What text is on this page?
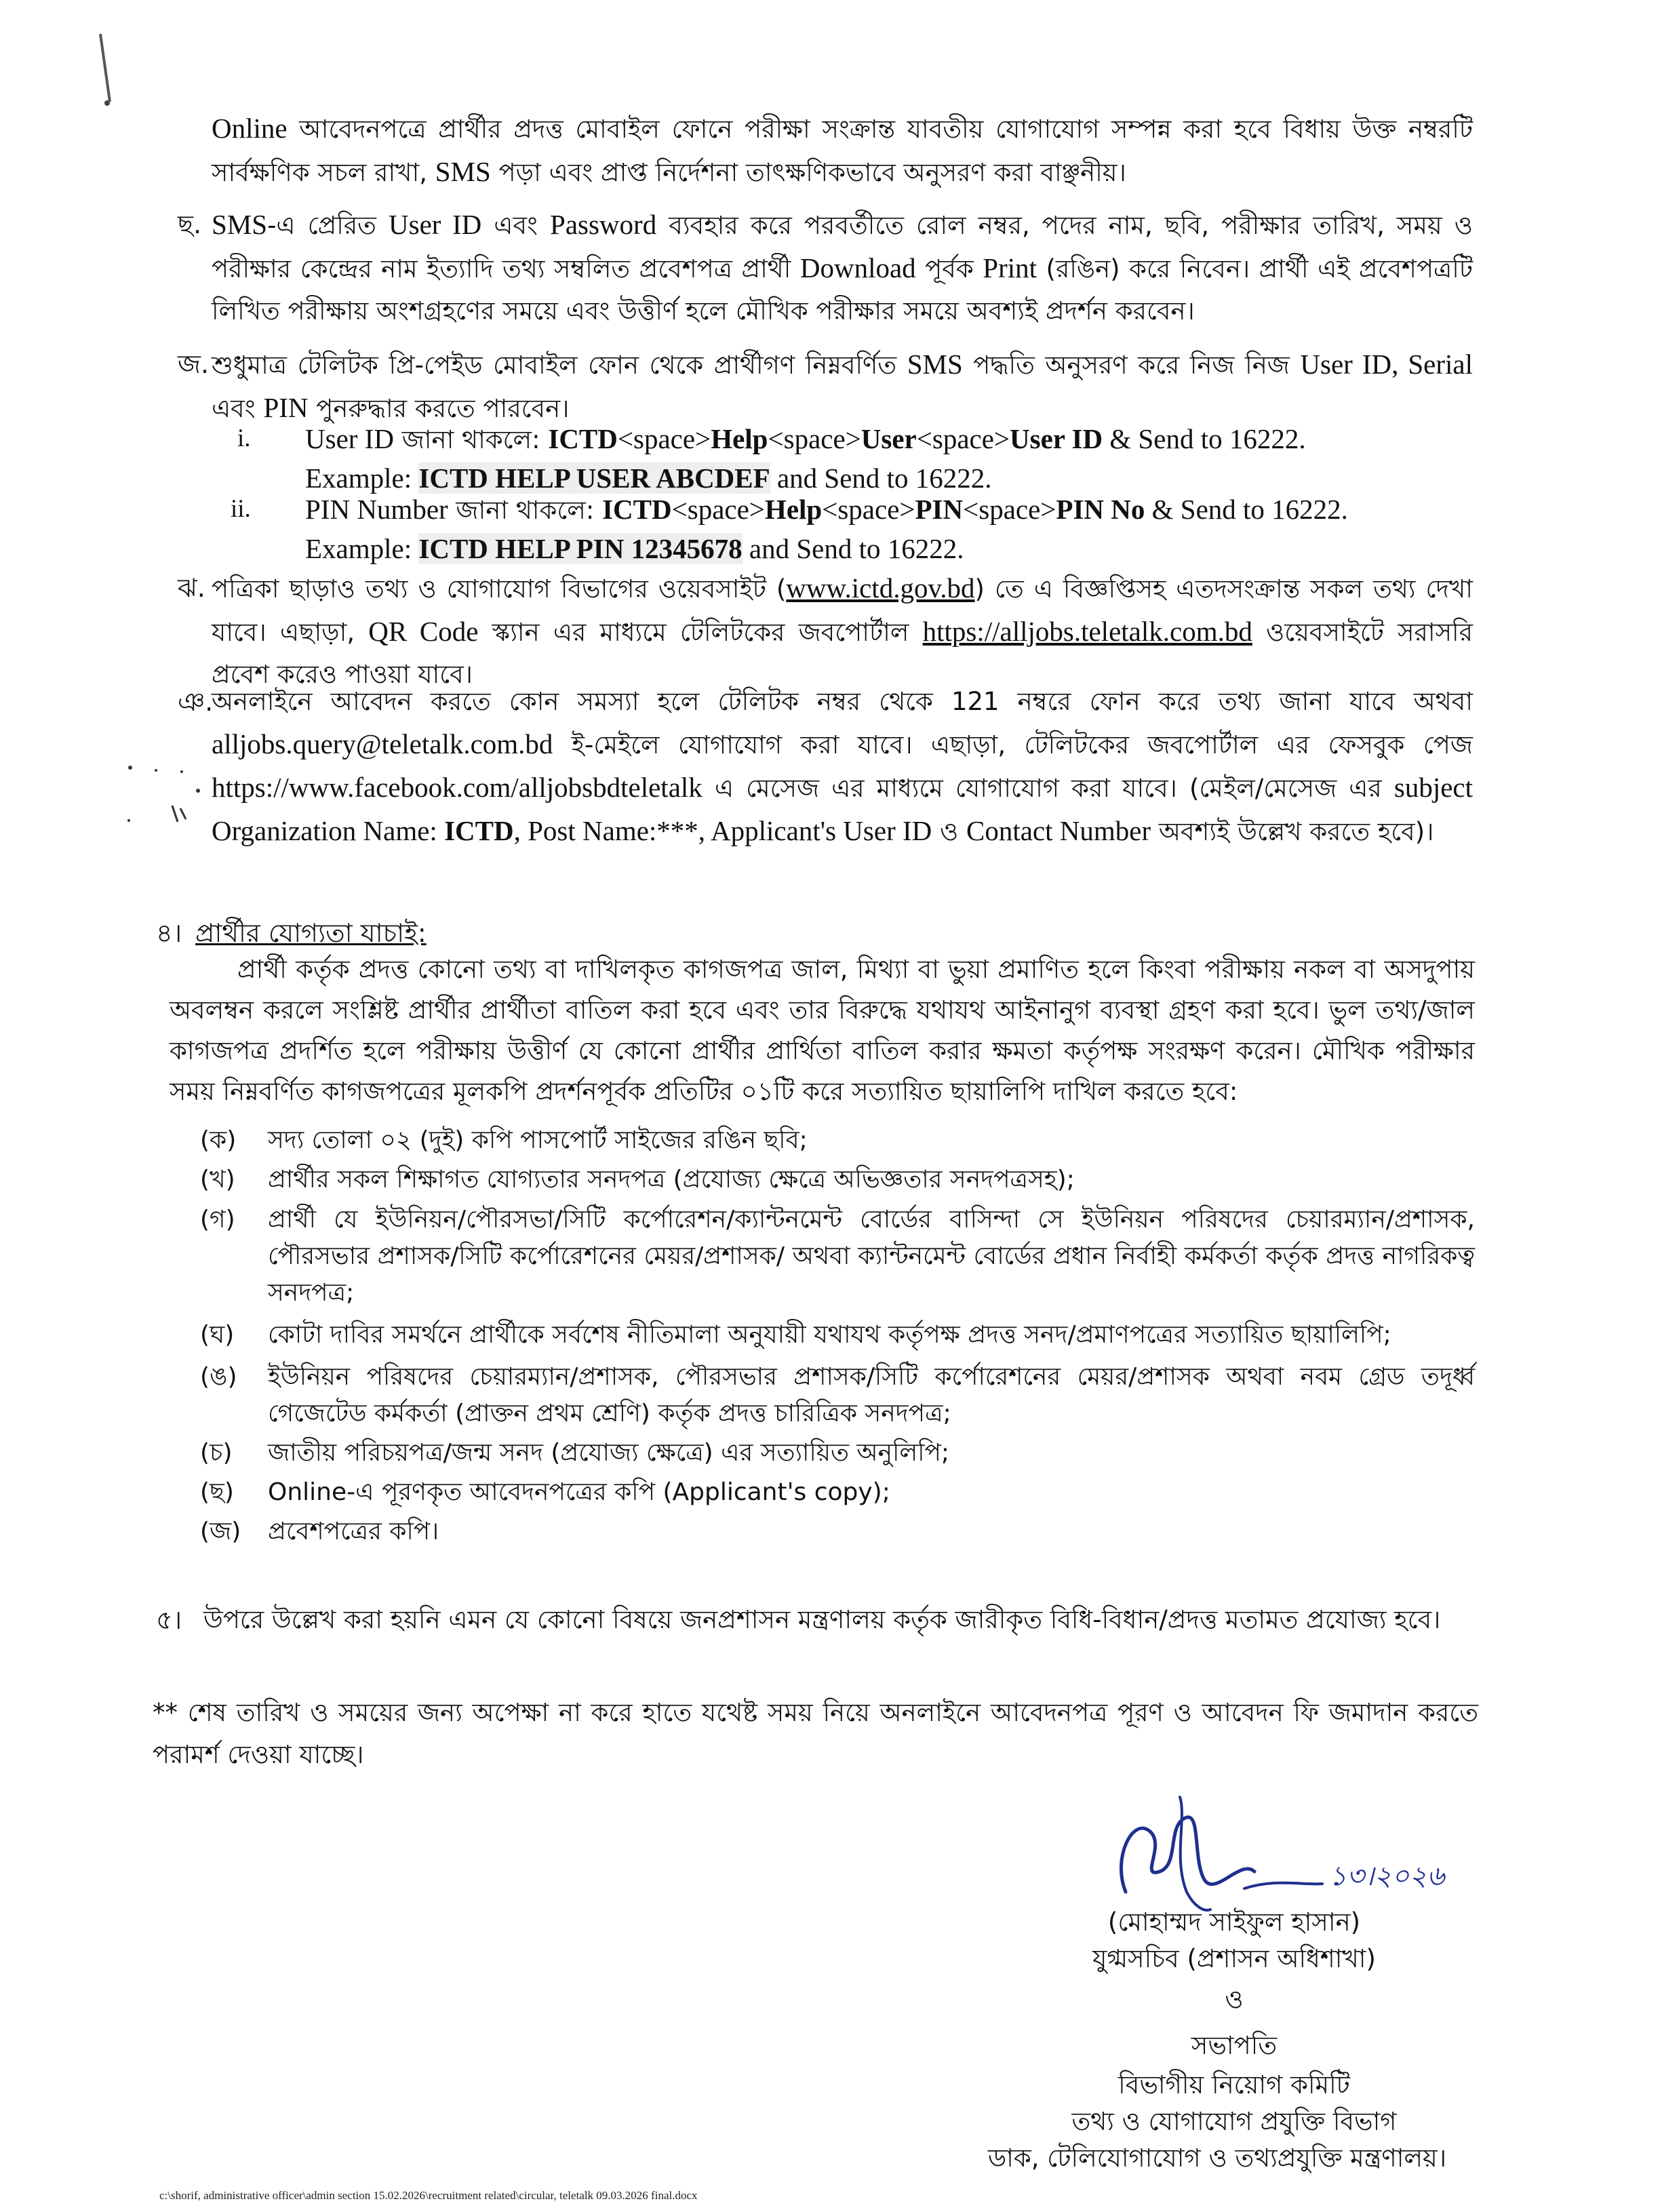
Online আবেদনপত্রে প্রার্থীর প্রদত্ত মোবাইল ফোনে পরীক্ষা সংক্রান্ত যাবতীয় যোগাযোগ সম্পন্ন করা হবে বিধায় উক্ত নম্বরটি সার্বক্ষণিক সচল রাখা, SMS পড়া এবং প্রাপ্ত নির্দেশনা তাৎক্ষণিকভাবে অনুসরণ করা বাঞ্ছনীয়।
ছ. SMS-এ প্রেরিত User ID এবং Password ব্যবহার করে পরবর্তীতে রোল নম্বর, পদের নাম, ছবি, পরীক্ষার তারিখ, সময় ও পরীক্ষার কেন্দ্রের নাম ইত্যাদি তথ্য সম্বলিত প্রবেশপত্র প্রার্থী Download পূর্বক Print (রঙিন) করে নিবেন। প্রার্থী এই প্রবেশপত্রটি লিখিত পরীক্ষায় অংশগ্রহণের সময়ে এবং উত্তীর্ণ হলে মৌখিক পরীক্ষার সময়ে অবশ্যই প্রদর্শন করবেন।
জ. শুধুমাত্র টেলিটক প্রি-পেইড মোবাইল ফোন থেকে প্রার্থীগণ নিম্নবর্ণিত SMS পদ্ধতি অনুসরণ করে নিজ নিজ User ID, Serial এবং PIN পুনরুদ্ধার করতে পারবেন।
i. User ID জানা থাকলে: ICTD<space>Help<space>User<space>User ID & Send to 16222.
Example: ICTD HELP USER ABCDEF and Send to 16222.
ii. PIN Number জানা থাকলে: ICTD<space>Help<space>PIN<space>PIN No & Send to 16222.
Example: ICTD HELP PIN 12345678 and Send to 16222.
ঝ. পত্রিকা ছাড়াও তথ্য ও যোগাযোগ বিভাগের ওয়েবসাইট (www.ictd.gov.bd) তে এ বিজ্ঞপ্তিসহ এতদসংক্রান্ত সকল তথ্য দেখা যাবে। এছাড়া, QR Code স্ক্যান এর মাধ্যমে টেলিটকের জবপোর্টাল https://alljobs.teletalk.com.bd ওয়েবসাইটে সরাসরি প্রবেশ করেও পাওয়া যাবে।
ঞ.
অনলাইনে আবেদন করতে কোন সমস্যা হলে টেলিটক নম্বর থেকে 121 নম্বরে ফোন করে তথ্য জানা যাবে অথবা alljobs.query@teletalk.com.bd ই-মেইলে যোগাযোগ করা যাবে। এছাড়া, টেলিটকের জবপোর্টাল এর ফেসবুক পেজ https://www.facebook.com/alljobsbdteletalk এ মেসেজ এর মাধ্যমে যোগাযোগ করা যাবে। (মেইল/মেসেজ এর subject Organization Name: ICTD, Post Name:***, Applicant's User ID ও Contact Number অবশ্যই উল্লেখ করতে হবে)।
৪। প্রার্থীর যোগ্যতা যাচাই:
প্রার্থী কর্তৃক প্রদত্ত কোনো তথ্য বা দাখিলকৃত কাগজপত্র জাল, মিথ্যা বা ভুয়া প্রমাণিত হলে কিংবা পরীক্ষায় নকল বা অসদুপায় অবলম্বন করলে সংশ্লিষ্ট প্রার্থীর প্রার্থীতা বাতিল করা হবে এবং তার বিরুদ্ধে যথাযথ আইনানুগ ব্যবস্থা গ্রহণ করা হবে। ভুল তথ্য/জাল কাগজপত্র প্রদর্শিত হলে পরীক্ষায় উত্তীর্ণ যে কোনো প্রার্থীর প্রার্থিতা বাতিল করার ক্ষমতা কর্তৃপক্ষ সংরক্ষণ করেন। মৌখিক পরীক্ষার সময় নিম্নবর্ণিত কাগজপত্রের মূলকপি প্রদর্শনপূর্বক প্রতিটির ০১টি করে সত্যায়িত ছায়ালিপি দাখিল করতে হবে:
(ক) সদ্য তোলা ০২ (দুই) কপি পাসপোর্ট সাইজের রঙিন ছবি;
(খ) প্রার্থীর সকল শিক্ষাগত যোগ্যতার সনদপত্র (প্রযোজ্য ক্ষেত্রে অভিজ্ঞতার সনদপত্রসহ);
(গ) প্রার্থী যে ইউনিয়ন/পৌরসভা/সিটি কর্পোরেশন/ক্যান্টনমেন্ট বোর্ডের বাসিন্দা সে ইউনিয়ন পরিষদের চেয়ারম্যান/প্রশাসক, পৌরসভার প্রশাসক/সিটি কর্পোরেশনের মেয়র/প্রশাসক/ অথবা ক্যান্টনমেন্ট বোর্ডের প্রধান নির্বাহী কর্মকর্তা কর্তৃক প্রদত্ত নাগরিকত্ব সনদপত্র;
(ঘ) কোটা দাবির সমর্থনে প্রার্থীকে সর্বশেষ নীতিমালা অনুযায়ী যথাযথ কর্তৃপক্ষ প্রদত্ত সনদ/প্রমাণপত্রের সত্যায়িত ছায়ালিপি;
(ঙ) ইউনিয়ন পরিষদের চেয়ারম্যান/প্রশাসক, পৌরসভার প্রশাসক/সিটি কর্পোরেশনের মেয়র/প্রশাসক অথবা নবম গ্রেড তদূর্ধ্ব গেজেটেড কর্মকর্তা (প্রাক্তন প্রথম শ্রেণি) কর্তৃক প্রদত্ত চারিত্রিক সনদপত্র;
(চ) জাতীয় পরিচয়পত্র/জন্ম সনদ (প্রযোজ্য ক্ষেত্রে) এর সত্যায়িত অনুলিপি;
(ছ) Online-এ পূরণকৃত আবেদনপত্রের কপি (Applicant's copy);
(জ) প্রবেশপত্রের কপি।
৫। উপরে উল্লেখ করা হয়নি এমন যে কোনো বিষয়ে জনপ্রশাসন মন্ত্রণালয় কর্তৃক জারীকৃত বিধি-বিধান/প্রদত্ত মতামত প্রযোজ্য হবে।
** শেষ তারিখ ও সময়ের জন্য অপেক্ষা না করে হাতে যথেষ্ট সময় নিয়ে অনলাইনে আবেদনপত্র পূরণ ও আবেদন ফি জমাদান করতে পরামর্শ দেওয়া যাচ্ছে।
১৩।২০২৬
(মোহাম্মদ সাইফুল হাসান)
যুগ্মসচিব (প্রশাসন অধিশাখা)
ও
সভাপতি
বিভাগীয় নিয়োগ কমিটি
তথ্য ও যোগাযোগ প্রযুক্তি বিভাগ
ডাক, টেলিযোগাযোগ ও তথ্যপ্রযুক্তি মন্ত্রণালয়।
c:\shorif, administrative officer\admin section 15.02.2026\recruitment related\circular, teletalk 09.03.2026 final.docx
